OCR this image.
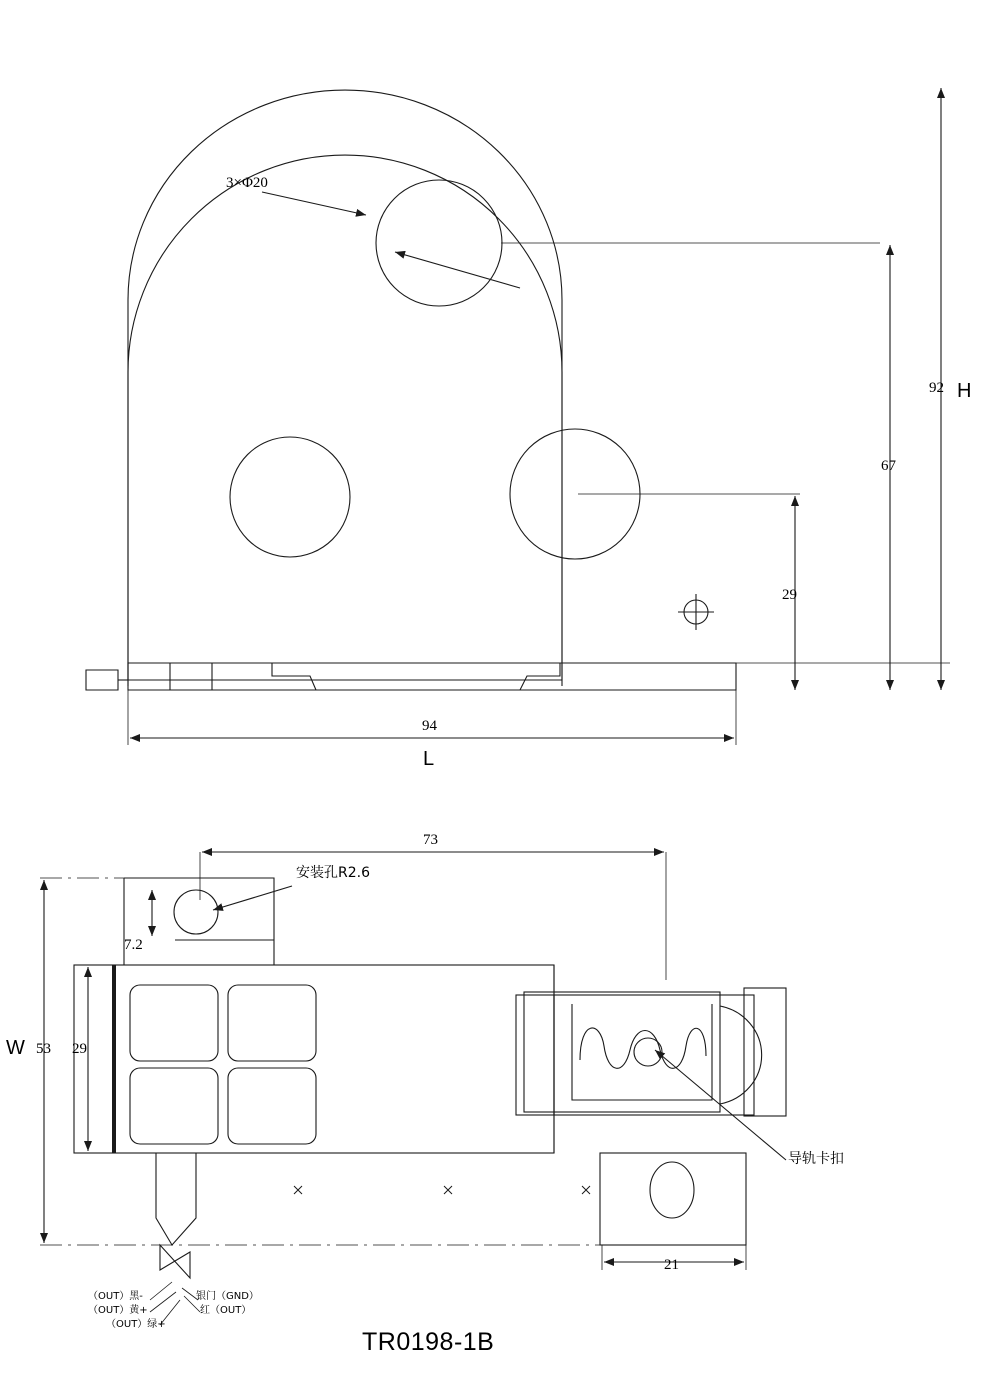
3×Φ20
92 H
67
29
94
L
73
安装孔R2.6
7.2
W 53 29
21
导轨卡扣
（OUT）黑-
（OUT）黄+
（OUT）绿+
银门（GND）
红（OUT）
TR0198-1B
